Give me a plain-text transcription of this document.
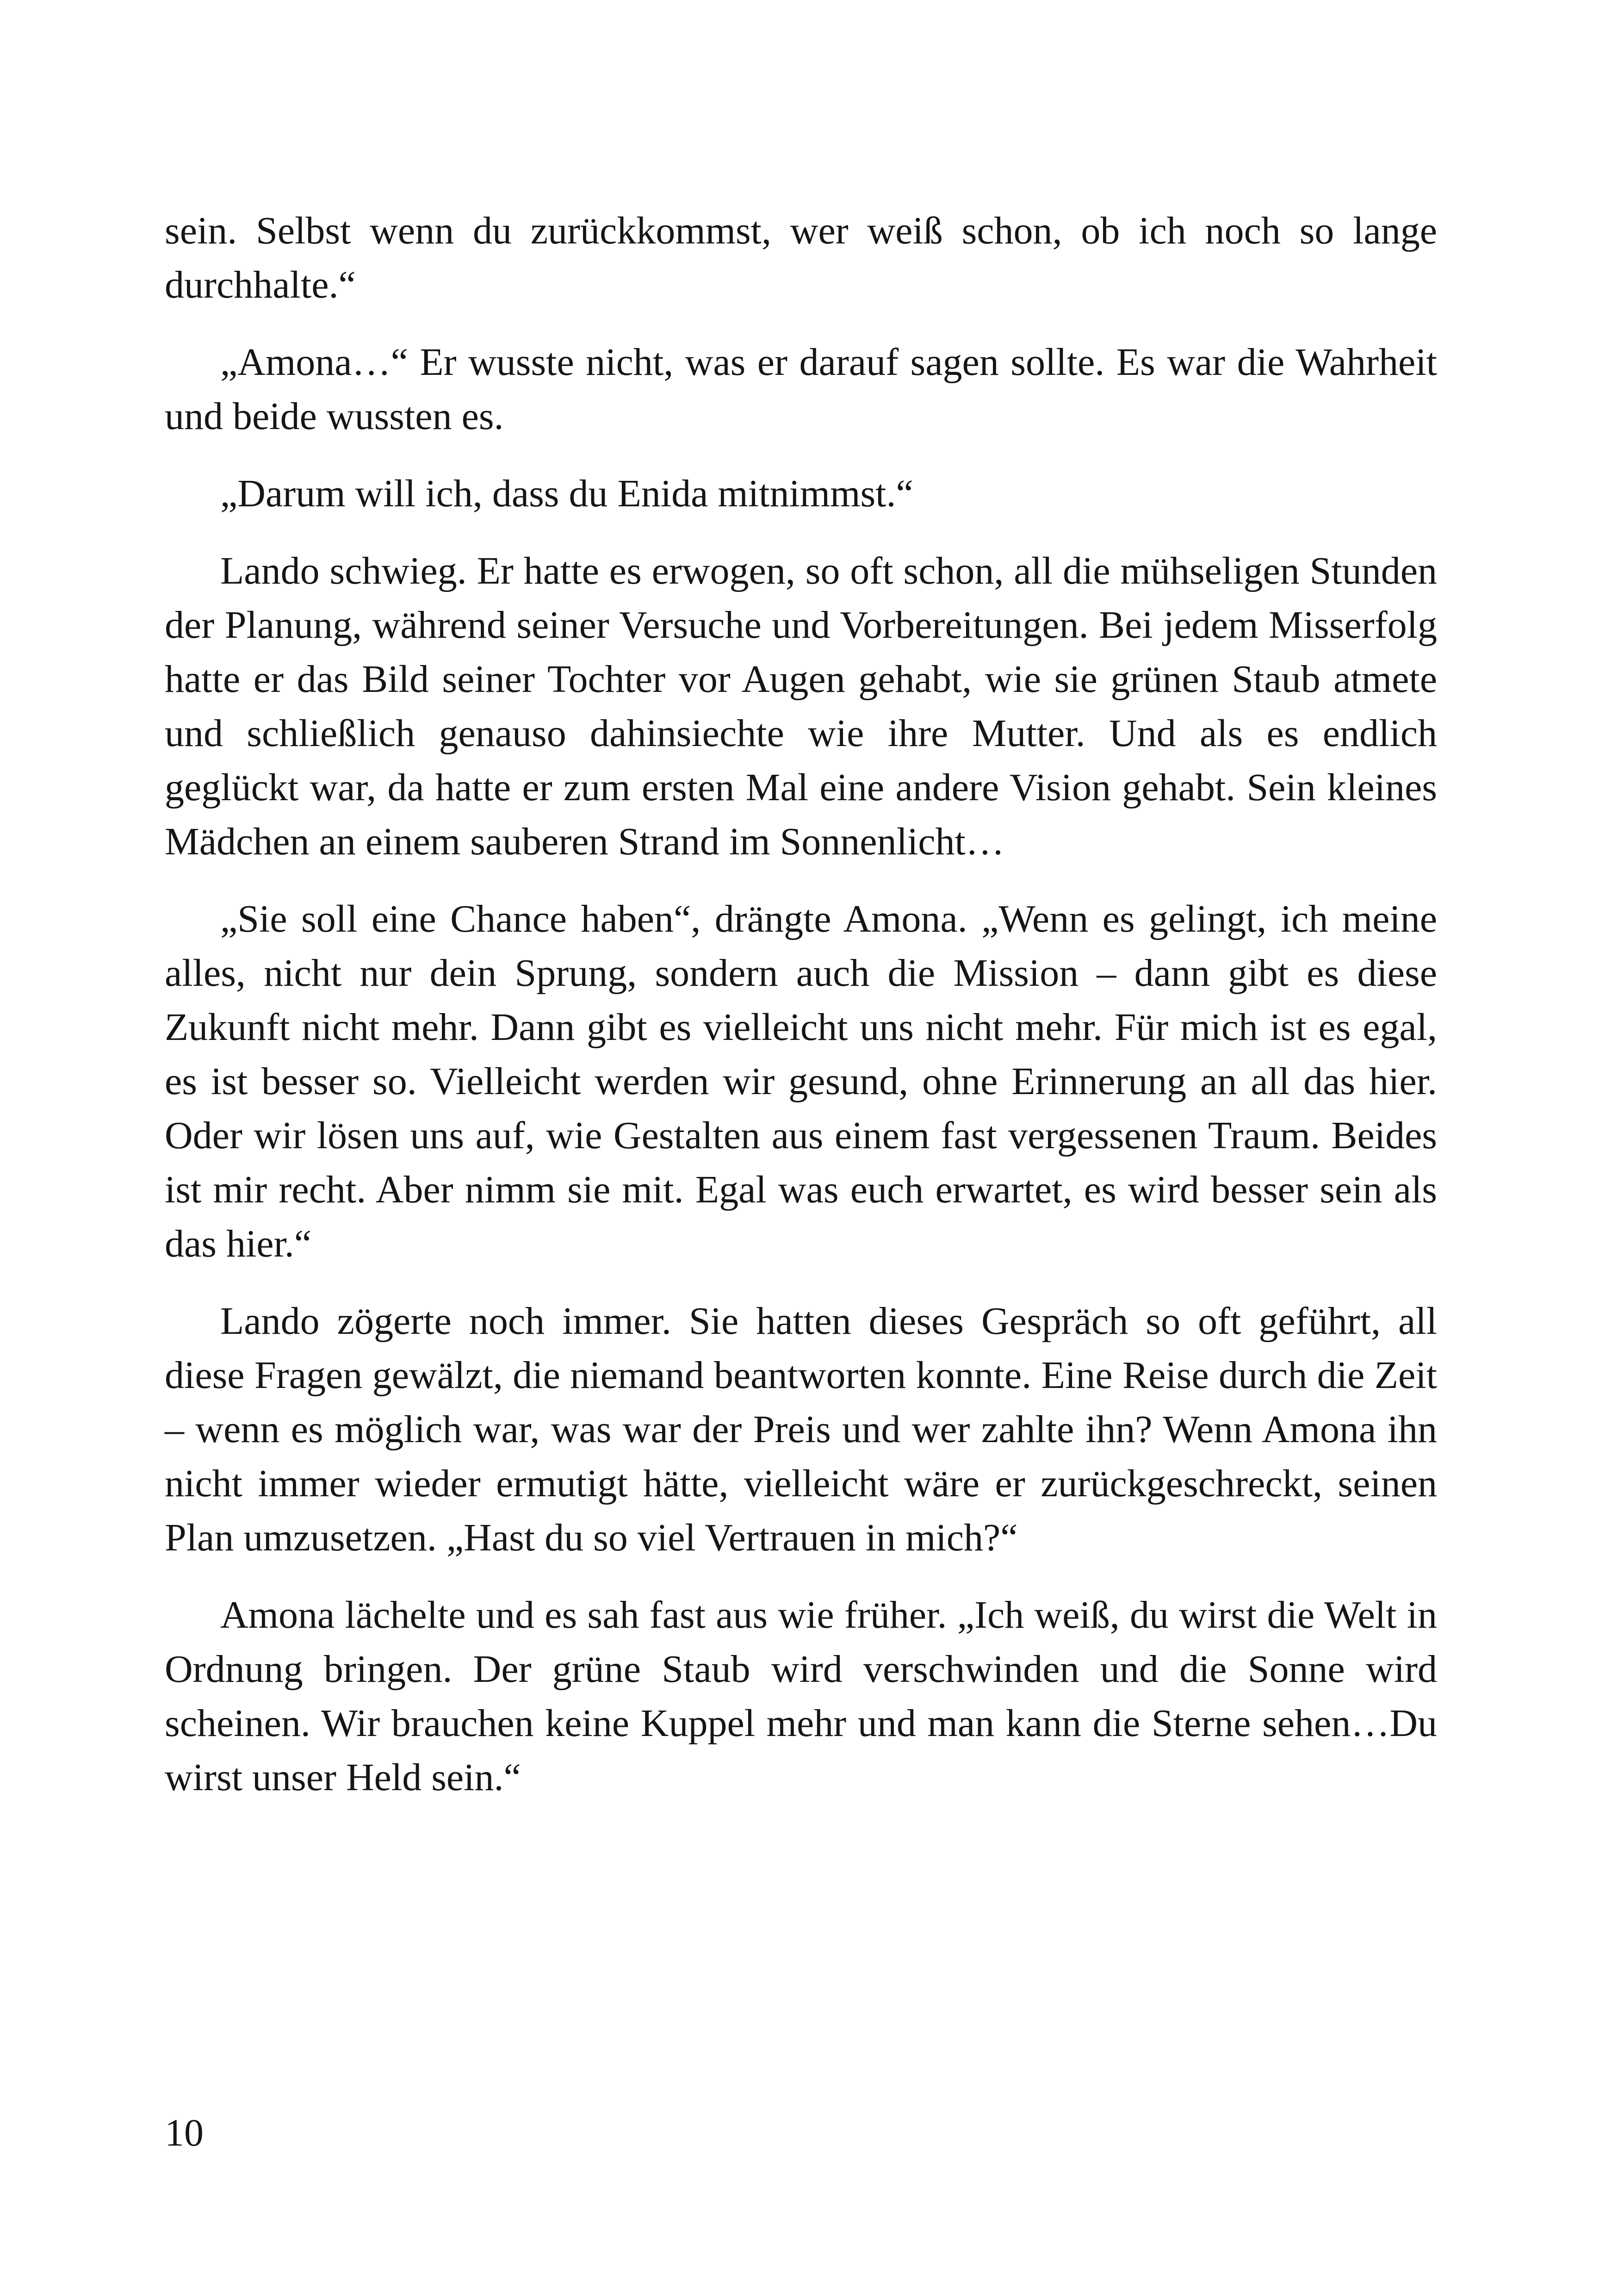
sein. Selbst wenn du zurückkommst, wer weiß schon, ob ich noch so lange durchhalte.“

„Amona…“ Er wusste nicht, was er darauf sagen sollte. Es war die Wahrheit und beide wussten es.

„Darum will ich, dass du Enida mitnimmst.“

Lando schwieg. Er hatte es erwogen, so oft schon, all die mühseligen Stunden der Planung, während seiner Versuche und Vorbereitungen. Bei jedem Misserfolg hatte er das Bild seiner Tochter vor Augen gehabt, wie sie grünen Staub atmete und schließlich genauso dahinsiechte wie ihre Mutter. Und als es endlich geglückt war, da hatte er zum ersten Mal eine andere Vision gehabt. Sein kleines Mädchen an einem sauberen Strand im Sonnenlicht…

„Sie soll eine Chance haben“, drängte Amona. „Wenn es gelingt, ich meine alles, nicht nur dein Sprung, sondern auch die Mission – dann gibt es diese Zukunft nicht mehr. Dann gibt es vielleicht uns nicht mehr. Für mich ist es egal, es ist besser so. Vielleicht werden wir gesund, ohne Erinnerung an all das hier. Oder wir lösen uns auf, wie Gestalten aus einem fast vergessenen Traum. Beides ist mir recht. Aber nimm sie mit. Egal was euch erwartet, es wird besser sein als das hier.“

Lando zögerte noch immer. Sie hatten dieses Gespräch so oft geführt, all diese Fragen gewälzt, die niemand beantworten konnte. Eine Reise durch die Zeit – wenn es möglich war, was war der Preis und wer zahlte ihn? Wenn Amona ihn nicht immer wieder ermutigt hätte, vielleicht wäre er zurückgeschreckt, seinen Plan umzusetzen. „Hast du so viel Vertrauen in mich?“

Amona lächelte und es sah fast aus wie früher. „Ich weiß, du wirst die Welt in Ordnung bringen. Der grüne Staub wird verschwinden und die Sonne wird scheinen. Wir brauchen keine Kuppel mehr und man kann die Sterne sehen…Du wirst unser Held sein.“

10
